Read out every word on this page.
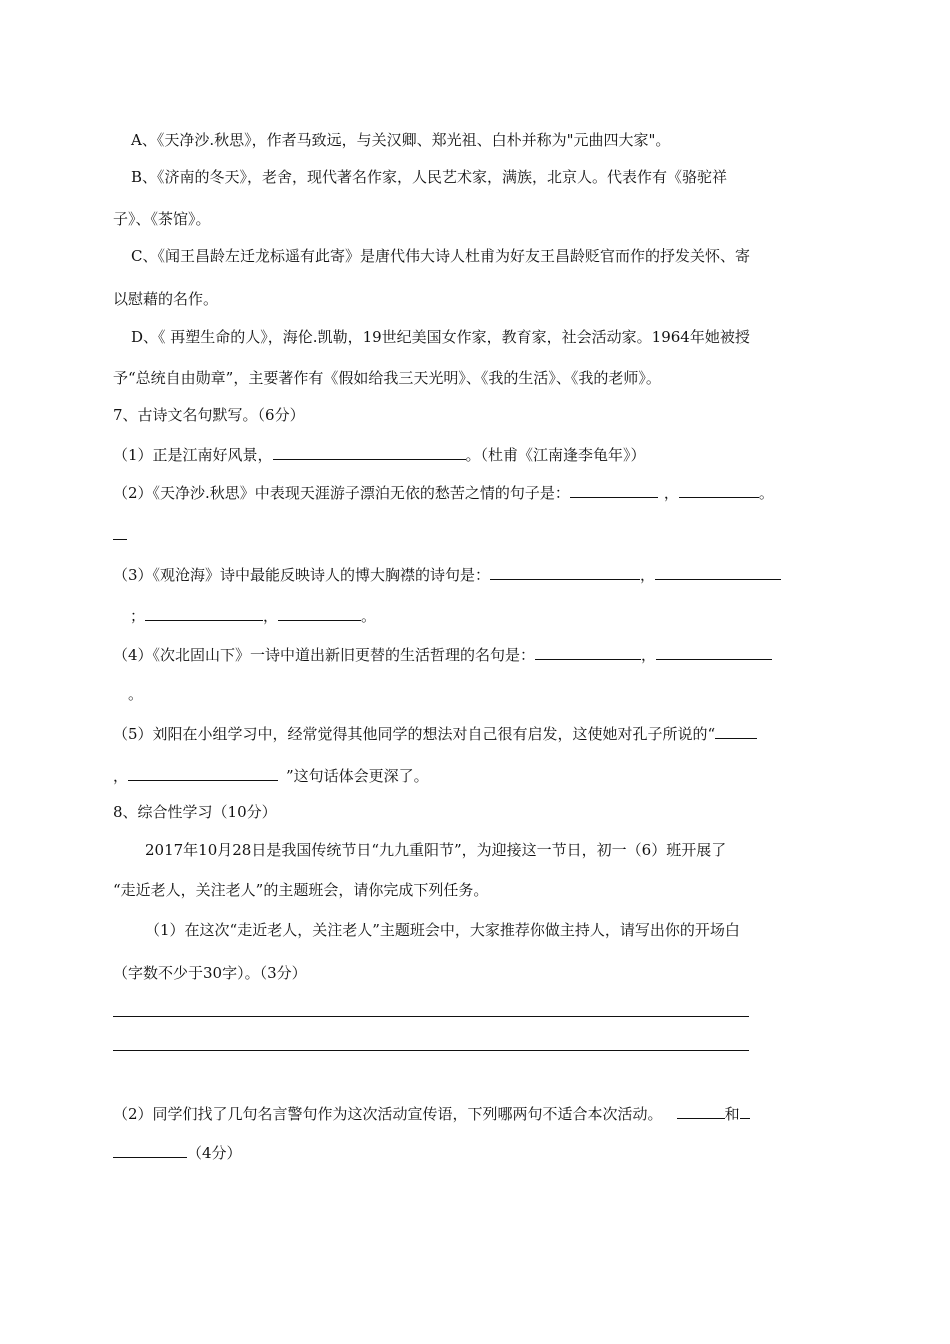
A、《天净沙.秋思》，作者马致远，与关汉卿、郑光祖、白朴并称为"元曲四大家"。
B、《济南的冬天》，老舍，现代著名作家，人民艺术家，满族，北京人。代表作有《骆驼祥
子》、《茶馆》。
C、《闻王昌龄左迁龙标遥有此寄》是唐代伟大诗人杜甫为好友王昌龄贬官而作的抒发关怀、寄
以慰藉的名作。
D、《 再塑生命的人》，海伦.凯勒，19世纪美国女作家，教育家，社会活动家。1964年她被授
予“总统自由勋章”，主要著作有《假如给我三天光明》、《我的生活》、《我的老师》。
7、古诗文名句默写。（6分）
（1）正是江南好风景，	。（杜甫《江南逢李龟年》）
（2）《天净沙.秋思》中表现天涯游子漂泊无依的愁苦之情的句子是：	，	。
（3）《观沧海》诗中最能反映诗人的博大胸襟的诗句是：	，
；	，	。
（4）《次北固山下》一诗中道出新旧更替的生活哲理的名句是：	，
。
（5）刘阳在小组学习中，经常觉得其他同学的想法对自己很有启发，这使她对孔子所说的“
，	”这句话体会更深了。
8、综合性学习（10分）
2017年10月28日是我国传统节日“九九重阳节”，为迎接这一节日，初一（6）班开展了
“走近老人，关注老人”的主题班会，请你完成下列任务。
（1）在这次“走近老人，关注老人”主题班会中，大家推荐你做主持人，请写出你的开场白
（字数不少于30字）。（3分）
（2）同学们找了几句名言警句作为这次活动宣传语，下列哪两句不适合本次活动。	和
（4分）
